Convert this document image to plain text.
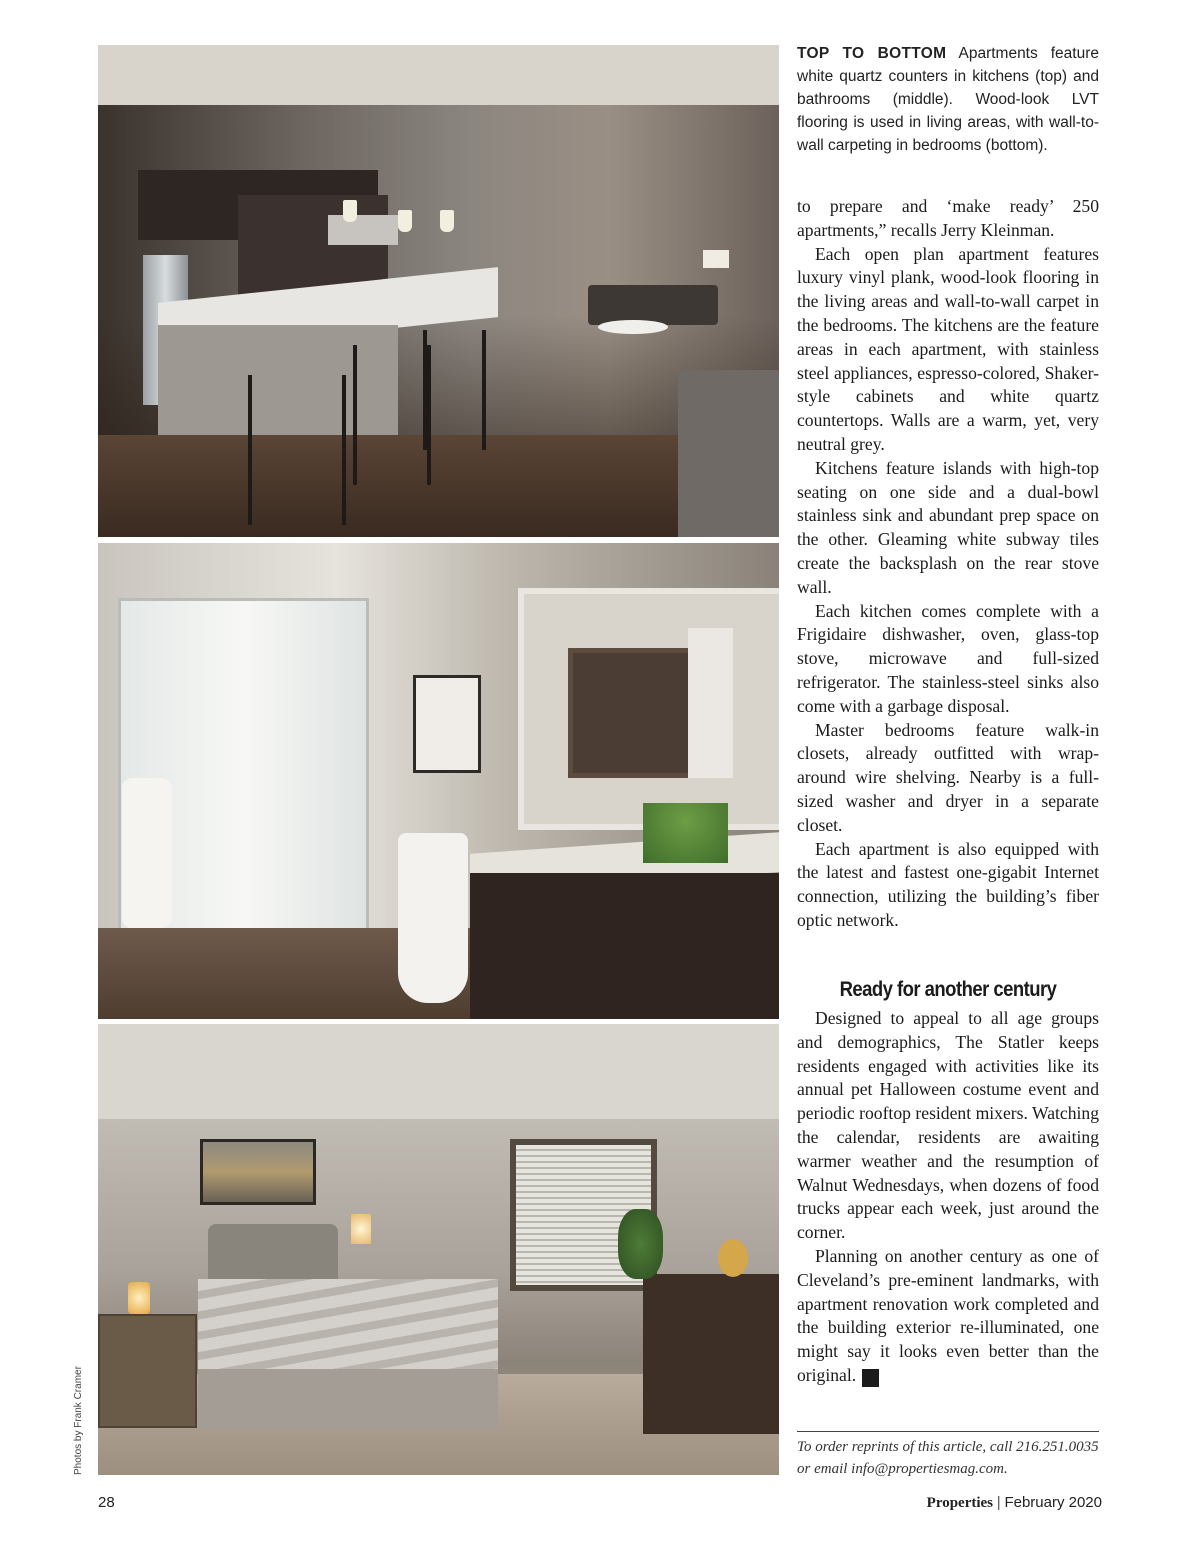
Photos by Frank Cramer
TOP TO BOTTOM Apartments feature white quartz counters in kitchens (top) and bathrooms (middle). Wood-look LVT flooring is used in living areas, with wall-to-wall carpeting in bedrooms (bottom).

to prepare and ‘make ready’ 250 apartments,” recalls Jerry Kleinman.

Each open plan apartment features luxury vinyl plank, wood-look flooring in the living areas and wall-to-wall carpet in the bedrooms. The kitchens are the feature areas in each apartment, with stainless steel appliances, espresso-colored, Shaker-style cabinets and white quartz countertops. Walls are a warm, yet, very neutral grey.

Kitchens feature islands with high-top seating on one side and a dual-bowl stainless sink and abundant prep space on the other. Gleaming white subway tiles create the backsplash on the rear stove wall.

Each kitchen comes complete with a Frigidaire dishwasher, oven, glass-top stove, microwave and full-sized refrigerator. The stainless-steel sinks also come with a garbage disposal.

Master bedrooms feature walk-in closets, already outfitted with wrap-around wire shelving. Nearby is a full-sized washer and dryer in a separate closet.

Each apartment is also equipped with the latest and fastest one-gigabit Internet connection, utilizing the building’s fiber optic network.

Ready for another century

Designed to appeal to all age groups and demographics, The Statler keeps residents engaged with activities like its annual pet Halloween costume event and periodic rooftop resident mixers. Watching the calendar, residents are awaiting warmer weather and the resumption of Walnut Wednesdays, when dozens of food trucks appear each week, just around the corner.

Planning on another century as one of Cleveland’s pre-eminent landmarks, with apartment renovation work completed and the building exterior re-illuminated, one might say it looks even better than the original. P

To order reprints of this article, call 216.251.0035
or email info@propertiesmag.com.
28	Properties | February 2020
